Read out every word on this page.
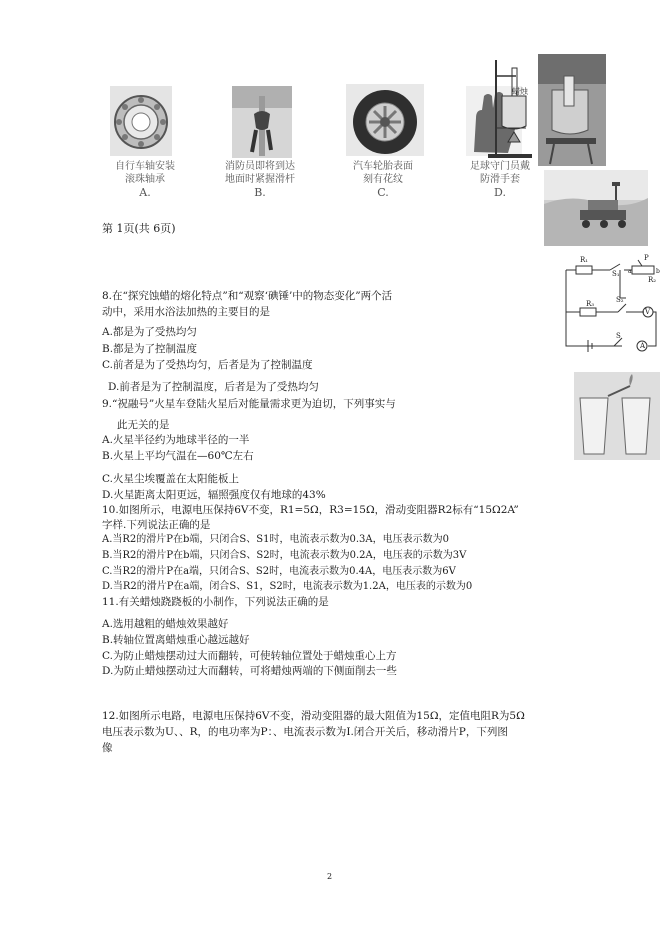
自行车轴安装
滚珠轴承
A.
消防员即将到达
地面时紧握滑杆
B.
汽车轮胎表面
刻有花纹
C.
足球守门员戴
防滑手套
D.
蜡烛
第 1页(共 6页)
R₁	P
R₂
a	b
S₁
R₃	S₂
V
S
A
8.在“探究蚀蜡的熔化特点”和“观察‘碘锤’中的物态变化”两个活
动中，采用水浴法加热的主要目的是
A.都是为了受热均匀
B.都是为了控制温度
C.前者是为了受热均匀，后者是为了控制温度
D.前者是为了控制温度，后者是为了受热均匀
9.“祝融号”火星车登陆火星后对能量需求更为迫切，下列事实与
此无关的是
A.火星半径约为地球半径的一半
B.火星上平均气温在—60℃左右
C.火星尘埃覆盖在太阳能板上
D.火星距离太阳更远，辐照强度仅有地球的43%
10.如图所示，电源电压保持6V不变，R1=5Ω，R3=15Ω，滑动变阻器R2标有“15Ω2A”
字样.下列说法正确的是
A.当R2的滑片P在b端，只闭合S、S1时，电流表示数为0.3A，电压表示数为0
B.当R2的滑片P在b端，只闭合S、S2时，电流表示数为0.2A，电压表的示数为3V
C.当R2的滑片P在a端，只闭合S、S2时，电流表示数为0.4A，电压表示数为6V
D.当R2的滑片P在a端，闭合S、S1，S2时，电流表示数为1.2A，电压表的示数为0
11.有关蜡烛跷跷板的小制作，下列说法正确的是
A.选用越粗的蜡烛效果越好
B.转轴位置离蜡烛重心越远越好
C.为防止蜡烛摆动过大而翻转，可使转轴位置处于蜡烛重心上方
D.为防止蜡烛摆动过大而翻转，可将蜡烛两端的下侧面削去一些
12.如图所示电路，电源电压保持6V不变，滑动变阻器的最大阻值为15Ω，定值电阻R为5Ω
电压表示数为U、、R，的电功率为P：、电流表示数为I.闭合开关后，移动滑片P，下列图
像
2
